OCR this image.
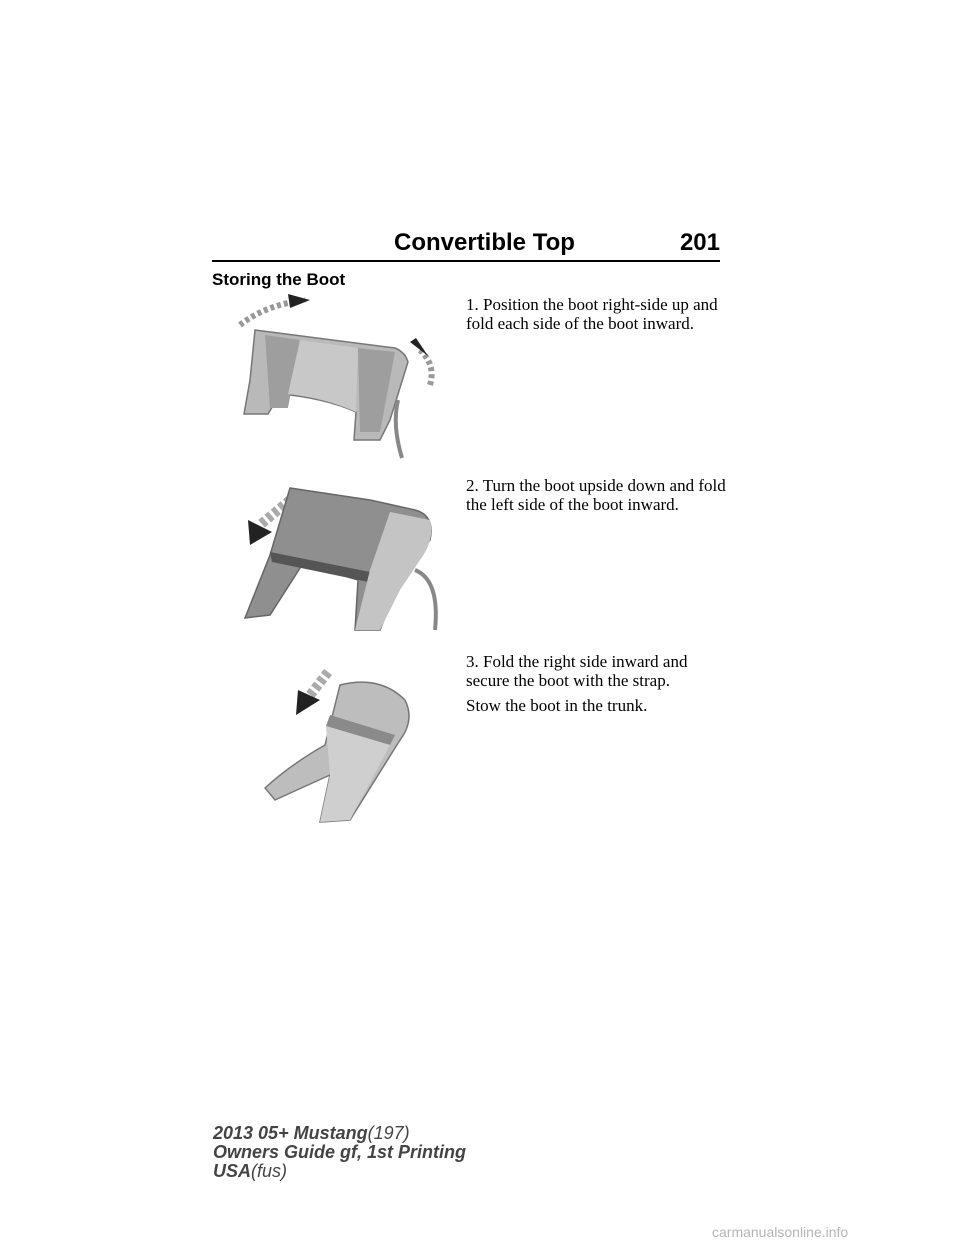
Convertible Top	201
Storing the Boot
1. Position the boot right-side up and fold each side of the boot inward.
2. Turn the boot upside down and fold the left side of the boot inward.
3. Fold the right side inward and secure the boot with the strap.
Stow the boot in the trunk.
2013 05+ Mustang(197)
Owners Guide gf, 1st Printing
USA(fus)
carmanualsonline.info
